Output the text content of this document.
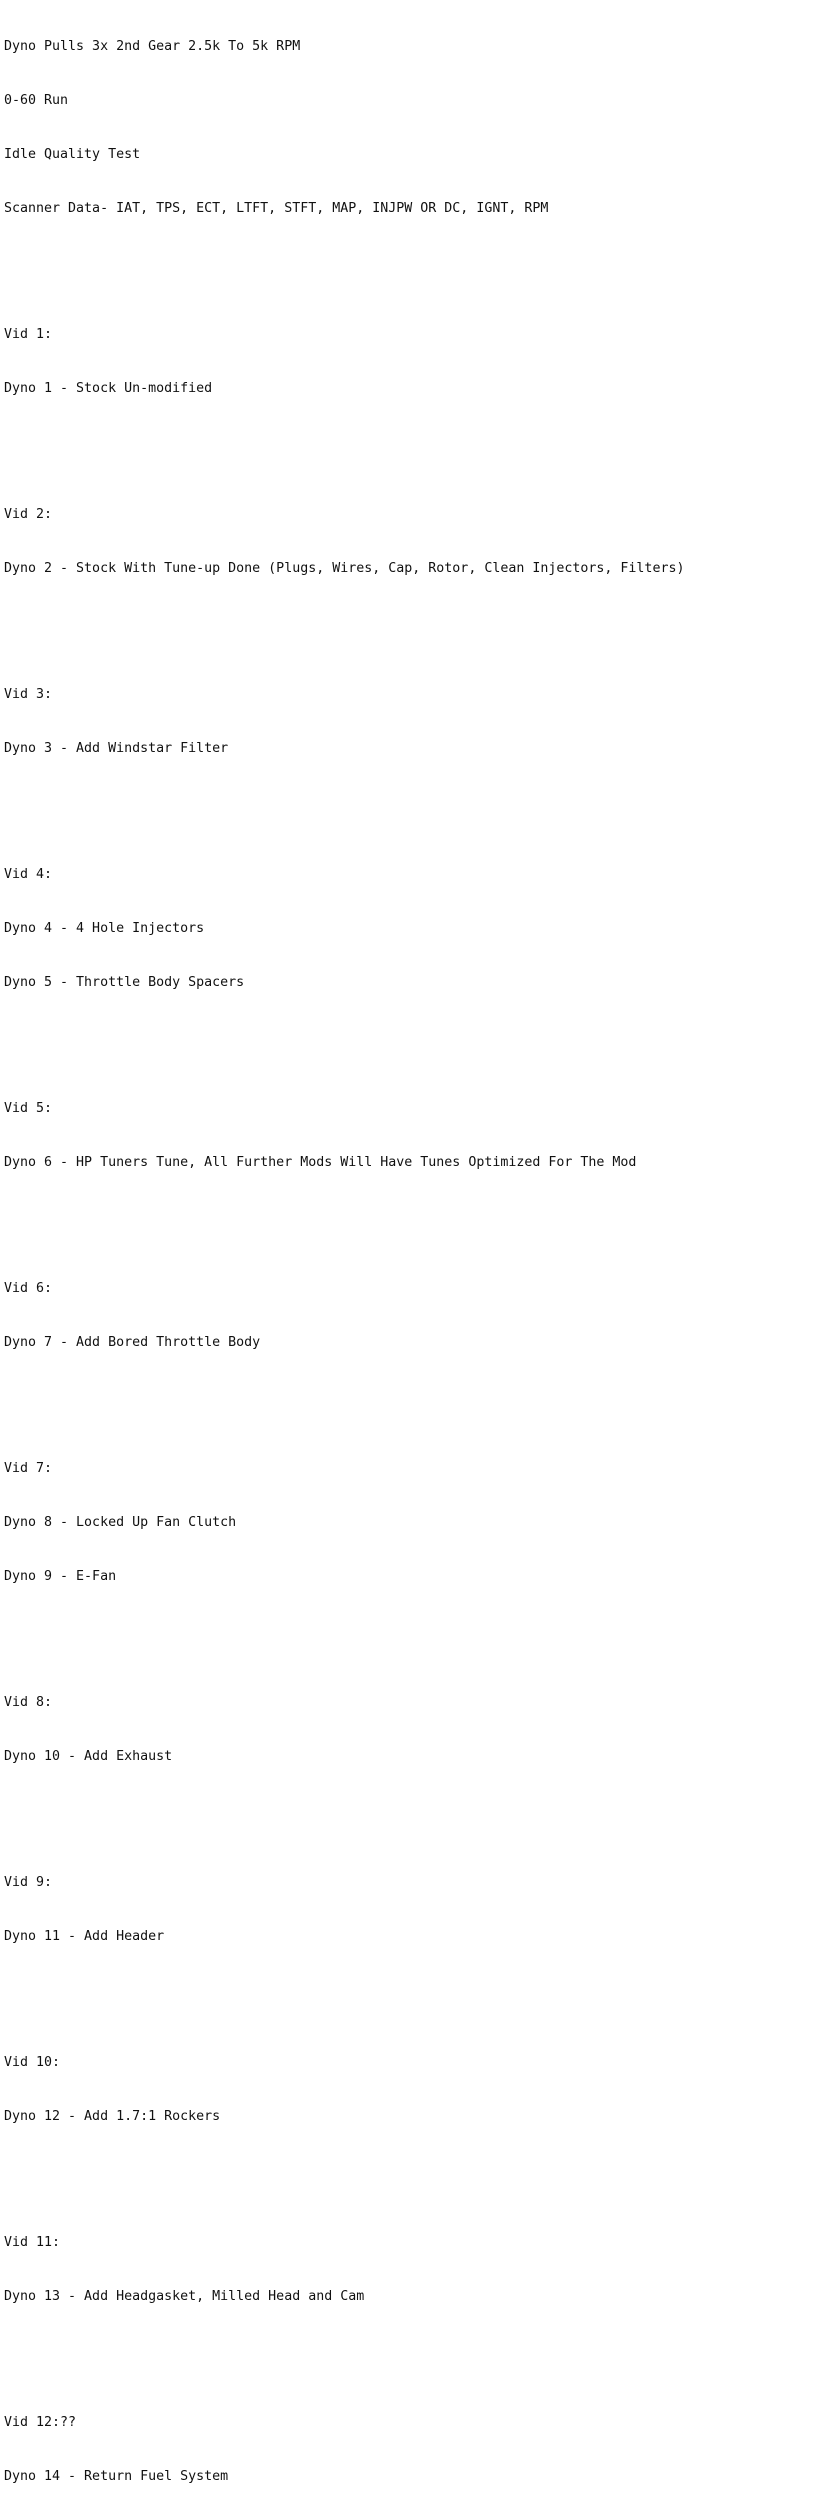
Dyno Pulls 3x 2nd Gear 2.5k To 5k RPM

0-60 Run

Idle Quality Test

Scanner Data- IAT, TPS, ECT, LTFT, STFT, MAP, INJPW OR DC, IGNT, RPM

Vid 1:

Dyno 1 - Stock Un-modified

Vid 2:

Dyno 2 - Stock With Tune-up Done (Plugs, Wires, Cap, Rotor, Clean Injectors, Filters)

Vid 3:

Dyno 3 - Add Windstar Filter

Vid 4:

Dyno 4 - 4 Hole Injectors

Dyno 5 - Throttle Body Spacers

Vid 5:

Dyno 6 - HP Tuners Tune, All Further Mods Will Have Tunes Optimized For The Mod

Vid 6:

Dyno 7 - Add Bored Throttle Body

Vid 7:

Dyno 8 - Locked Up Fan Clutch

Dyno 9 - E-Fan

Vid 8:

Dyno 10 - Add Exhaust

Vid 9:

Dyno 11 - Add Header

Vid 10:

Dyno 12 - Add 1.7:1 Rockers

Vid 11:

Dyno 13 - Add Headgasket, Milled Head and Cam

Vid 12:??

Dyno 14 - Return Fuel System
